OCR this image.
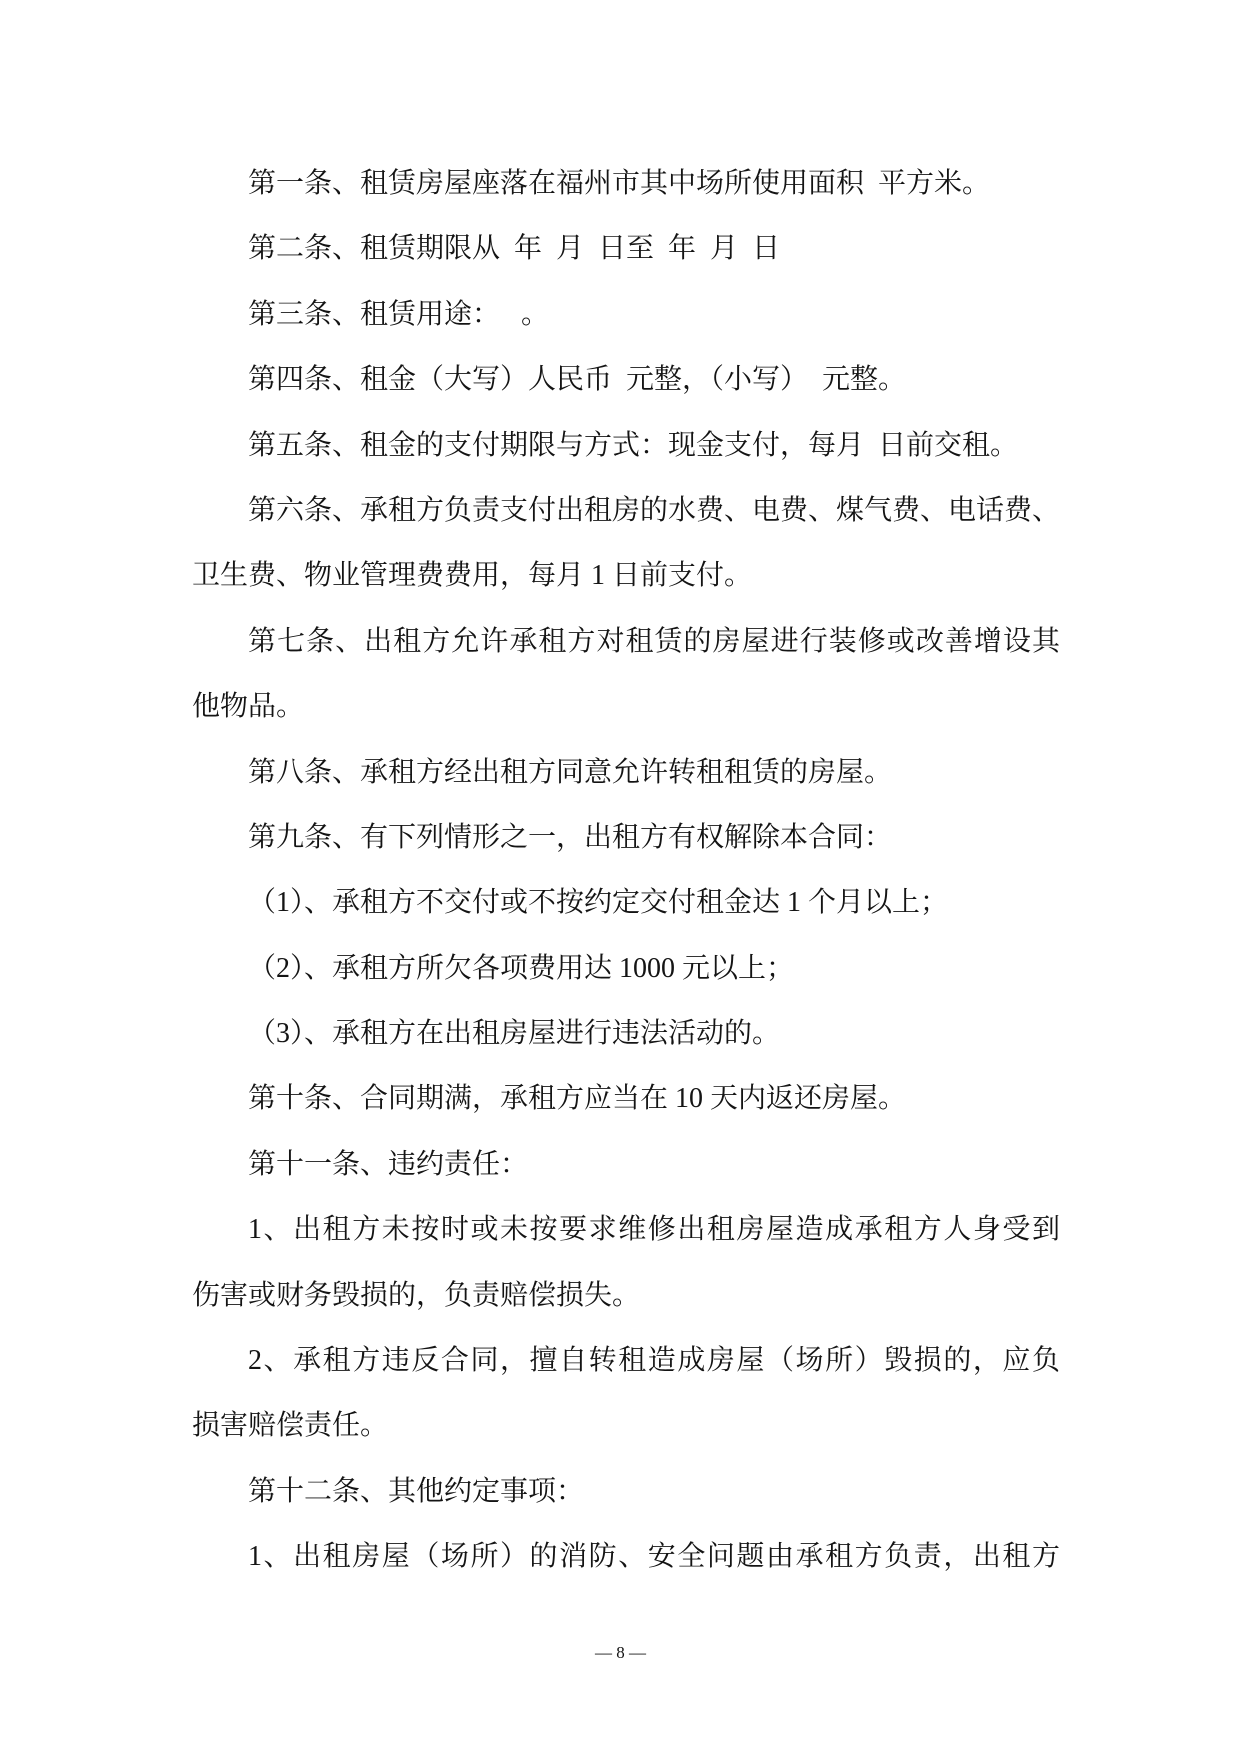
第一条、租赁房屋座落在福州市其中场所使用面积  平方米。
第二条、租赁期限从  年  月  日至  年  月  日
第三条、租赁用途：   。
第四条、租金（大写）人民币  元整，（小写）  元整。
第五条、租金的支付期限与方式：现金支付，每月  日前交租。
第六条、承租方负责支付出租房的水费、电费、煤气费、电话费、
卫生费、物业管理费费用，每月 1 日前支付。
第七条、出租方允许承租方对租赁的房屋进行装修或改善增设其
他物品。
第八条、承租方经出租方同意允许转租租赁的房屋。
第九条、有下列情形之一，出租方有权解除本合同：
（1）、承租方不交付或不按约定交付租金达 1 个月以上；
（2）、承租方所欠各项费用达 1000 元以上；
（3）、承租方在出租房屋进行违法活动的。
第十条、合同期满，承租方应当在 10 天内返还房屋。
第十一条、违约责任：
1、出租方未按时或未按要求维修出租房屋造成承租方人身受到
伤害或财务毁损的，负责赔偿损失。
2、承租方违反合同，擅自转租造成房屋（场所）毁损的，应负
损害赔偿责任。
第十二条、其他约定事项：
1、出租房屋（场所）的消防、安全问题由承租方负责，出租方
— 8 —
